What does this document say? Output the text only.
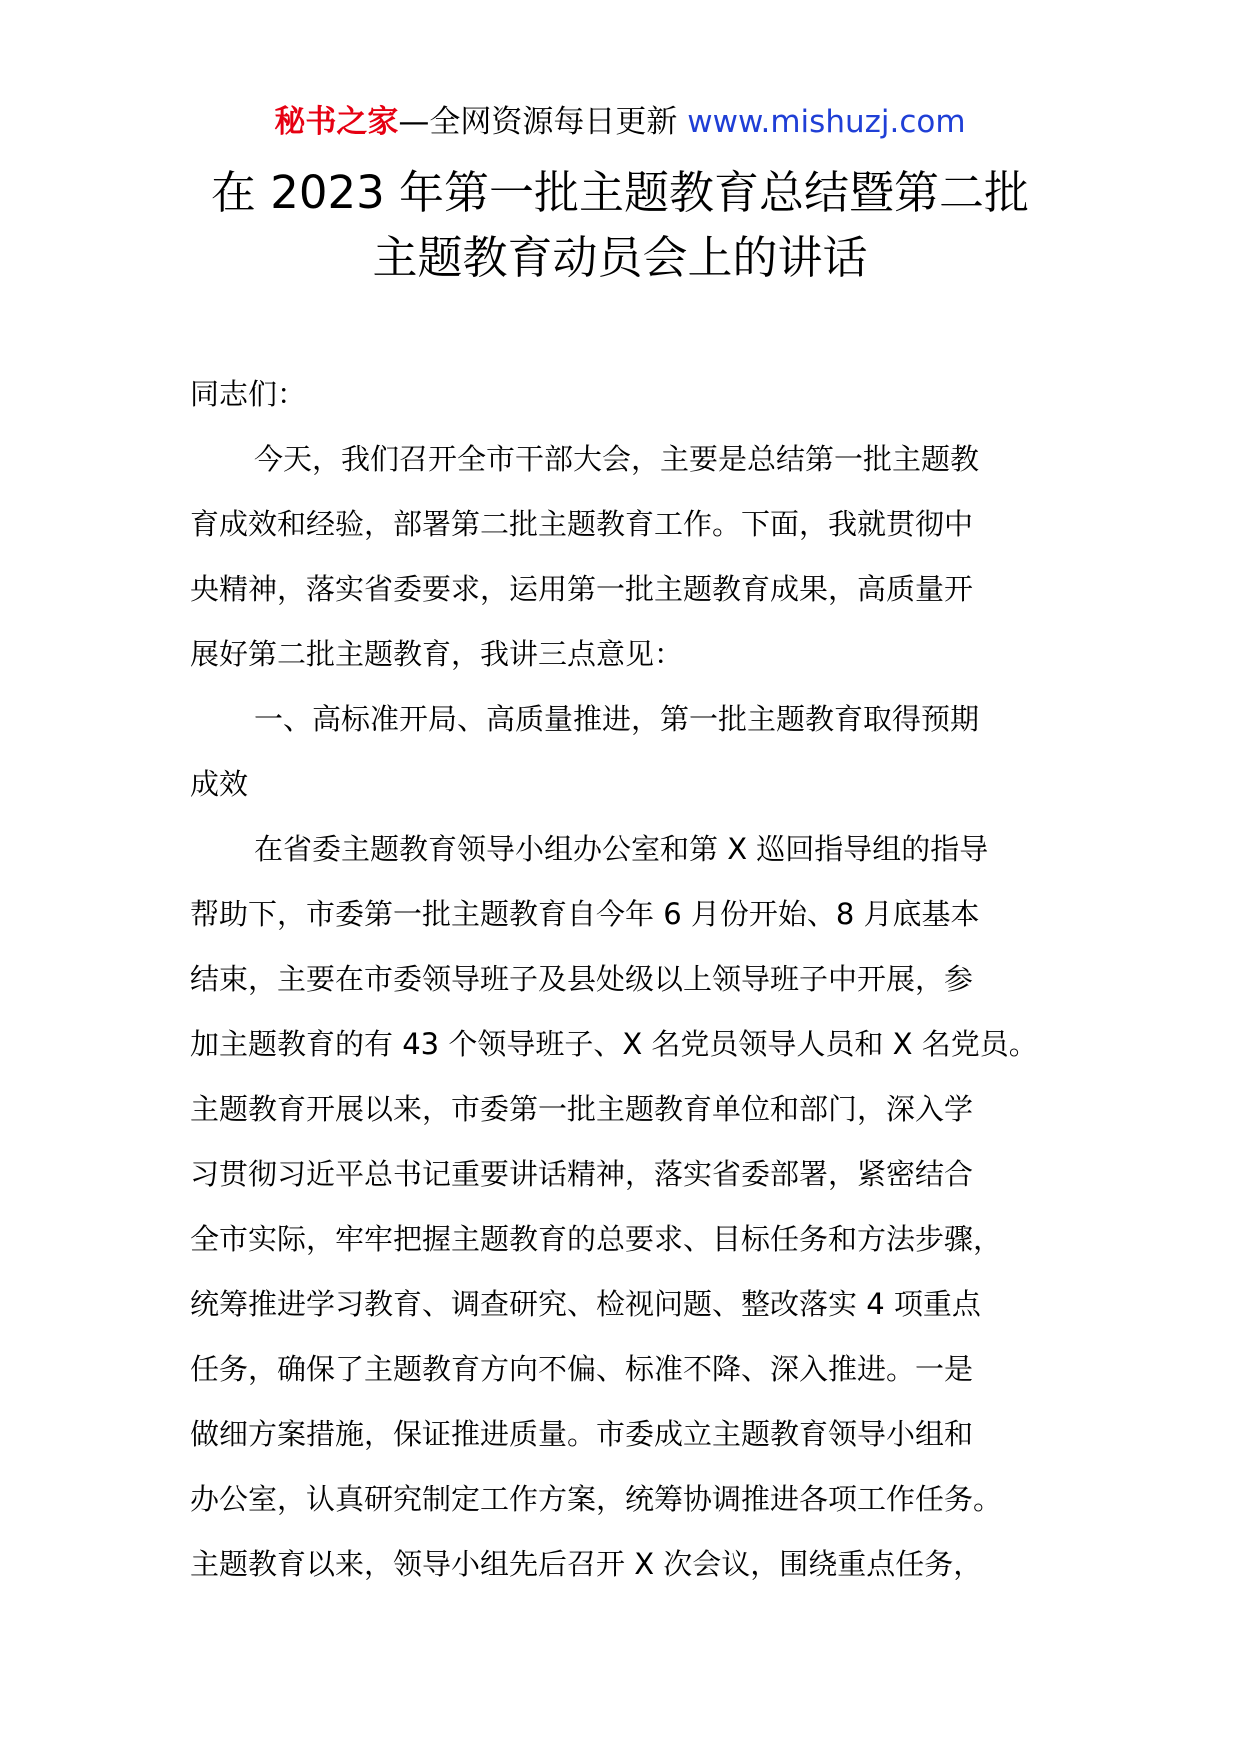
秘书之家—全网资源每日更新 www.mishuzj.com
在 2023 年第一批主题教育总结暨第二批
主题教育动员会上的讲话
同志们：
今天，我们召开全市干部大会，主要是总结第一批主题教
育成效和经验，部署第二批主题教育工作。下面，我就贯彻中
央精神，落实省委要求，运用第一批主题教育成果，高质量开
展好第二批主题教育，我讲三点意见：
一、高标准开局、高质量推进，第一批主题教育取得预期
成效
在省委主题教育领导小组办公室和第 X 巡回指导组的指导
帮助下，市委第一批主题教育自今年 6 月份开始、8 月底基本
结束，主要在市委领导班子及县处级以上领导班子中开展，参
加主题教育的有 43 个领导班子、X 名党员领导人员和 X 名党员。
主题教育开展以来，市委第一批主题教育单位和部门，深入学
习贯彻习近平总书记重要讲话精神，落实省委部署，紧密结合
全市实际，牢牢把握主题教育的总要求、目标任务和方法步骤，
统筹推进学习教育、调查研究、检视问题、整改落实 4 项重点
任务，确保了主题教育方向不偏、标准不降、深入推进。一是
做细方案措施，保证推进质量。市委成立主题教育领导小组和
办公室，认真研究制定工作方案，统筹协调推进各项工作任务。
主题教育以来，领导小组先后召开 X 次会议，围绕重点任务，
